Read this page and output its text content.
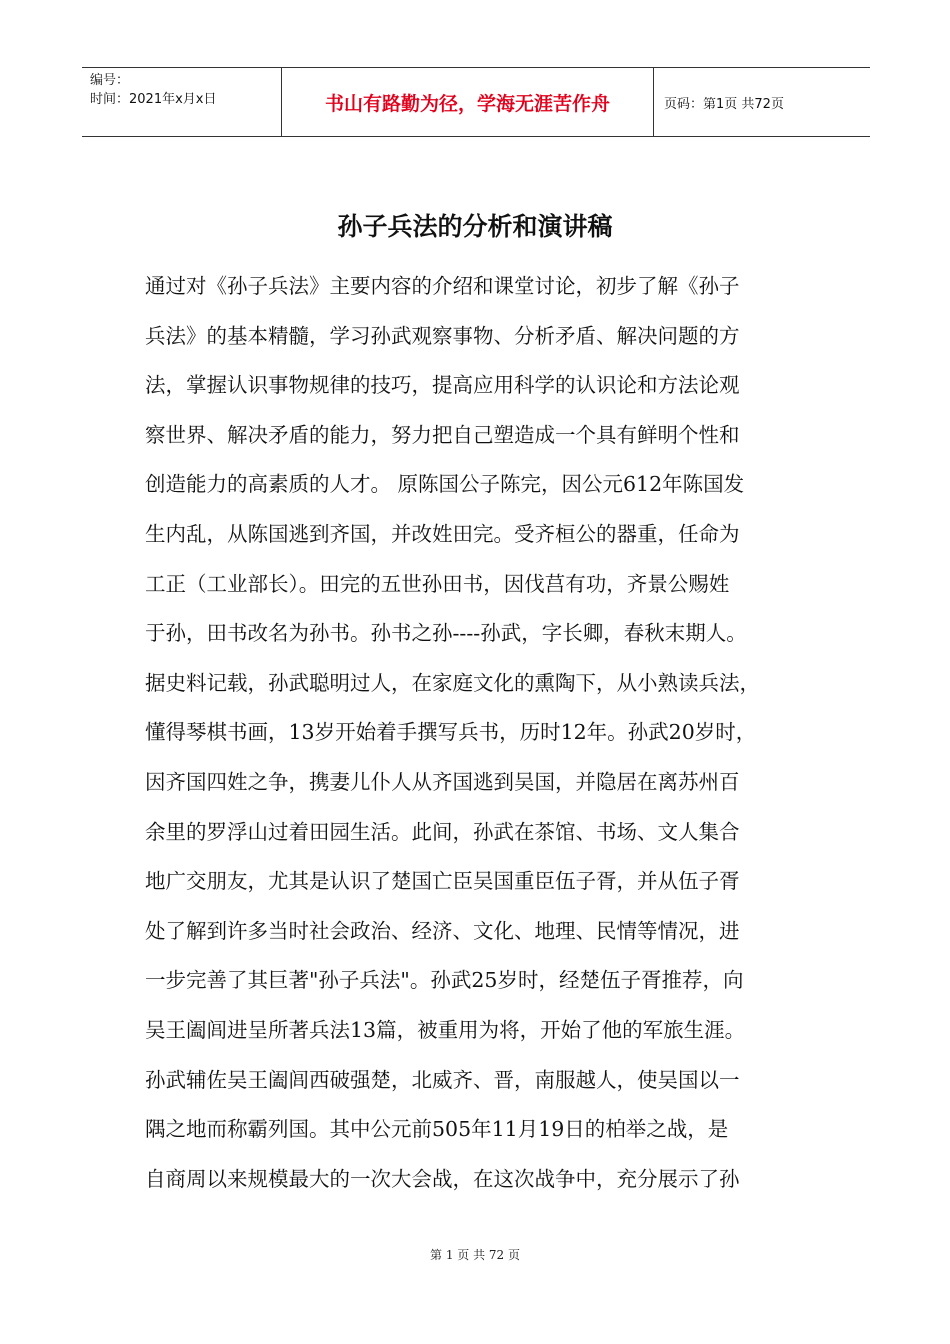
编号：
时间：2021年x月x日	书山有路勤为径，学海无涯苦作舟	页码：第1页 共72页
孙子兵法的分析和演讲稿
通过对《孙子兵法》主要内容的介绍和课堂讨论，初步了解《孙子
兵法》的基本精髓，学习孙武观察事物、分析矛盾、解决问题的方
法，掌握认识事物规律的技巧，提高应用科学的认识论和方法论观
察世界、解决矛盾的能力，努力把自己塑造成一个具有鲜明个性和
创造能力的高素质的人才。 原陈国公子陈完，因公元612年陈国发
生内乱，从陈国逃到齐国，并改姓田完。受齐桓公的器重，任命为
工正（工业部长）。田完的五世孙田书，因伐莒有功，齐景公赐姓
于孙，田书改名为孙书。孙书之孙----孙武，字长卿，春秋末期人。
据史料记载，孙武聪明过人，在家庭文化的熏陶下，从小熟读兵法，
懂得琴棋书画，13岁开始着手撰写兵书，历时12年。孙武20岁时，
因齐国四姓之争，携妻儿仆人从齐国逃到吴国，并隐居在离苏州百
余里的罗浮山过着田园生活。此间，孙武在茶馆、书场、文人集合
地广交朋友，尤其是认识了楚国亡臣吴国重臣伍子胥，并从伍子胥
处了解到许多当时社会政治、经济、文化、地理、民情等情况，进
一步完善了其巨著"孙子兵法"。孙武25岁时，经楚伍子胥推荐，向
吴王阖闾进呈所著兵法13篇，被重用为将，开始了他的军旅生涯。
孙武辅佐吴王阖闾西破强楚，北威齐、晋，南服越人，使吴国以一
隅之地而称霸列国。其中公元前505年11月19日的柏举之战，是
自商周以来规模最大的一次大会战，在这次战争中，充分展示了孙
第 1 页 共 72 页
